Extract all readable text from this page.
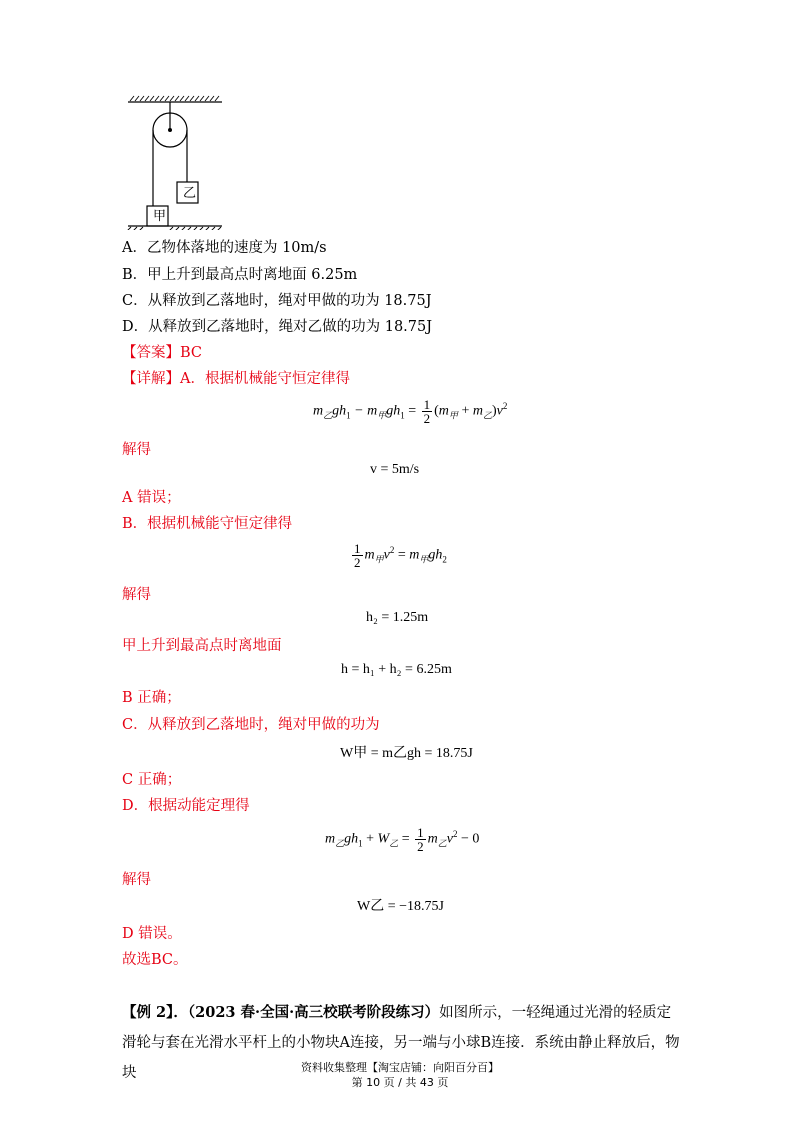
乙
甲
A．乙物体落地的速度为 10m/s
B．甲上升到最高点时离地面 6.25m
C．从释放到乙落地时，绳对甲做的功为 18.75J
D．从释放到乙落地时，绳对乙做的功为 18.75J
【答案】BC
【详解】A．根据机械能守恒定律得
$m_乙gh_1 - m_甲gh_1 = \frac{1}{2} (m_甲 + m_乙)v^2$
解得
v = 5m/s
A 错误；
B．根据机械能守恒定律得
$\frac{1}{2} m_甲v^2 = m_甲gh_2$
解得
h₂ = 1.25m
甲上升到最高点时离地面
h = h₁ + h₂ = 6.25m
B 正确；
C．从释放到乙落地时，绳对甲做的功为
W甲 = m乙gh = 18.75J
C 正确；
D．根据动能定理得
$m_乙gh_1 + W_乙 = \frac{1}{2} m_乙v^2 - 0$
解得
W乙 = −18.75J
D 错误。
故选BC。
【例 2】．（2023 春·全国·高三校联考阶段练习）如图所示，一轻绳通过光滑的轻质定滑轮与套在光滑水平杆上的小物块A连接，另一端与小球B连接．系统由静止释放后，物块	资料收集整理【淘宝店铺：向阳百分百】
第 10 页 / 共 43 页
